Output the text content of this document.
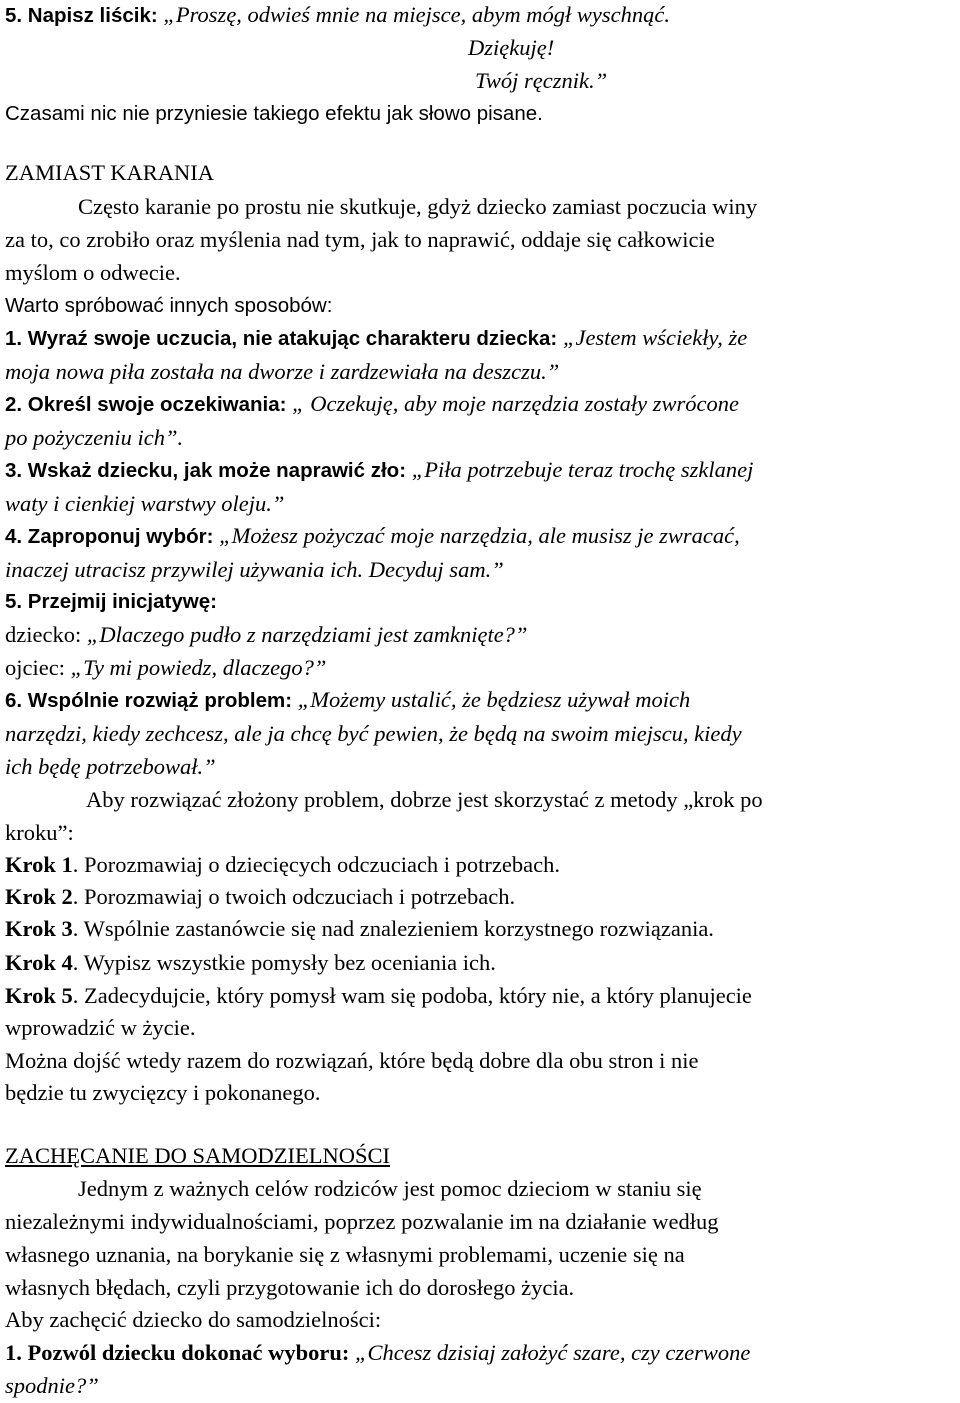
5. Napisz liścik: „Proszę, odwieś mnie na miejsce, abym mógł wyschnąć.
Dziękuję!
Twój ręcznik.”
Czasami nic nie przyniesie takiego efektu jak słowo pisane.
ZAMIAST KARANIA
Często karanie po prostu nie skutkuje, gdyż dziecko zamiast poczucia winy
za to, co zrobiło oraz myślenia nad tym, jak to naprawić, oddaje się całkowicie
myślom o odwecie.
Warto spróbować innych sposobów:
1. Wyraź swoje uczucia, nie atakując charakteru dziecka: „Jestem wściekły, że
moja nowa piła została na dworze i zardzewiała na deszczu.”
2. Określ swoje oczekiwania: „ Oczekuję, aby moje narzędzia zostały zwrócone
po pożyczeniu ich”.
3. Wskaż dziecku, jak może naprawić zło: „Piła potrzebuje teraz trochę szklanej
waty i cienkiej warstwy oleju.”
4. Zaproponuj wybór: „Możesz pożyczać moje narzędzia, ale musisz je zwracać,
inaczej utracisz przywilej używania ich. Decyduj sam.”
5. Przejmij inicjatywę:
dziecko: „Dlaczego pudło z narzędziami jest zamknięte?”
ojciec: „Ty mi powiedz, dlaczego?”
6. Wspólnie rozwiąż problem: „Możemy ustalić, że będziesz używał moich
narzędzi, kiedy zechcesz, ale ja chcę być pewien, że będą na swoim miejscu, kiedy
ich będę potrzebował.”
Aby rozwiązać złożony problem, dobrze jest skorzystać z metody „krok po
kroku”:
Krok 1. Porozmawiaj o dziecięcych odczuciach i potrzebach.
Krok 2. Porozmawiaj o twoich odczuciach i potrzebach.
Krok 3. Wspólnie zastanówcie się nad znalezieniem korzystnego rozwiązania.
Krok 4. Wypisz wszystkie pomysły bez oceniania ich.
Krok 5. Zadecydujcie, który pomysł wam się podoba, który nie, a który planujecie
wprowadzić w życie.
Można dojść wtedy razem do rozwiązań, które będą dobre dla obu stron i nie
będzie tu zwycięzcy i pokonanego.
ZACHĘCANIE DO SAMODZIELNOŚCI
Jednym z ważnych celów rodziców jest pomoc dzieciom w staniu się
niezależnymi indywidualnościami, poprzez pozwalanie im na działanie według
własnego uznania, na borykanie się z własnymi problemami, uczenie się na
własnych błędach, czyli przygotowanie ich do dorosłego życia.
Aby zachęcić dziecko do samodzielności:
1. Pozwól dziecku dokonać wyboru: „Chcesz dzisiaj założyć szare, czy czerwone
spodnie?”
